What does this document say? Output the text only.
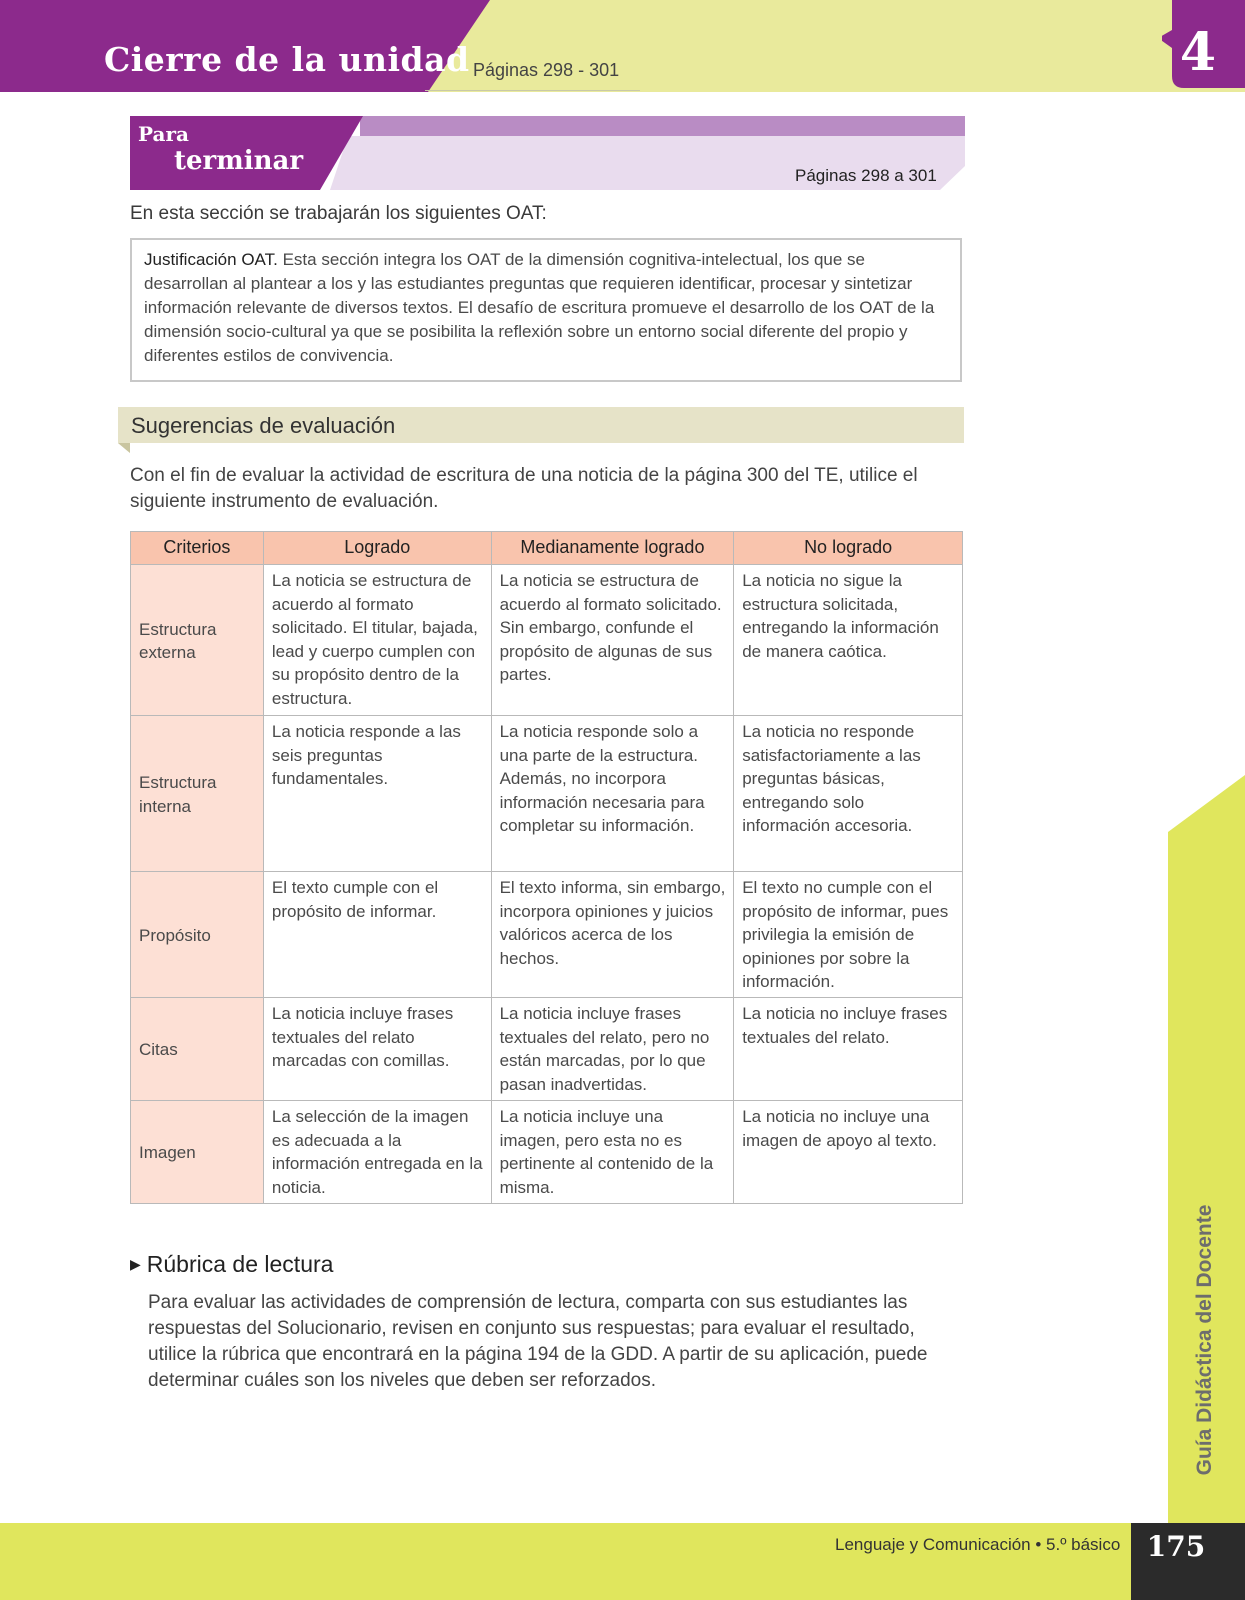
Cierre de la unidad Páginas 298 - 301	4
Para
terminar	Páginas 298 a 301
En esta sección se trabajarán los siguientes OAT:
Justificación OAT. Esta sección integra los OAT de la dimensión cognitiva-intelectual, los que se desarrollan al plantear a los y las estudiantes preguntas que requieren identificar, procesar y sintetizar información relevante de diversos textos. El desafío de escritura promueve el desarrollo de los OAT de la dimensión socio-cultural ya que se posibilita la reflexión sobre un entorno social diferente del propio y diferentes estilos de convivencia.
Sugerencias de evaluación
Con el fin de evaluar la actividad de escritura de una noticia de la página 300 del TE, utilice el siguiente instrumento de evaluación.
Criterios	Logrado	Medianamente logrado	No logrado
Estructura externa	La noticia se estructura de acuerdo al formato solicitado. El titular, bajada, lead y cuerpo cumplen con su propósito dentro de la estructura.	La noticia se estructura de acuerdo al formato solicitado. Sin embargo, confunde el propósito de algunas de sus partes.	La noticia no sigue la estructura solicitada, entregando la información de manera caótica.
Estructura interna	La noticia responde a las seis preguntas fundamentales.	La noticia responde solo a una parte de la estructura. Además, no incorpora información necesaria para completar su información.	La noticia no responde satisfactoriamente a las preguntas básicas, entregando solo información accesoria.
Propósito	El texto cumple con el propósito de informar.	El texto informa, sin embargo, incorpora opiniones y juicios valóricos acerca de los hechos.	El texto no cumple con el propósito de informar, pues privilegia la emisión de opiniones por sobre la información.
Citas	La noticia incluye frases textuales del relato marcadas con comillas.	La noticia incluye frases textuales del relato, pero no están marcadas, por lo que pasan inadvertidas.	La noticia no incluye frases textuales del relato.
Imagen	La selección de la imagen es adecuada a la información entregada en la noticia.	La noticia incluye una imagen, pero esta no es pertinente al contenido de la misma.	La noticia no incluye una imagen de apoyo al texto.
▶ Rúbrica de lectura
Para evaluar las actividades de comprensión de lectura, comparta con sus estudiantes las respuestas del Solucionario, revisen en conjunto sus respuestas; para evaluar el resultado, utilice la rúbrica que encontrará en la página 194 de la GDD. A partir de su aplicación, puede determinar cuáles son los niveles que deben ser reforzados.	Guía Didáctica del Docente
Lenguaje y Comunicación • 5.º básico 175
